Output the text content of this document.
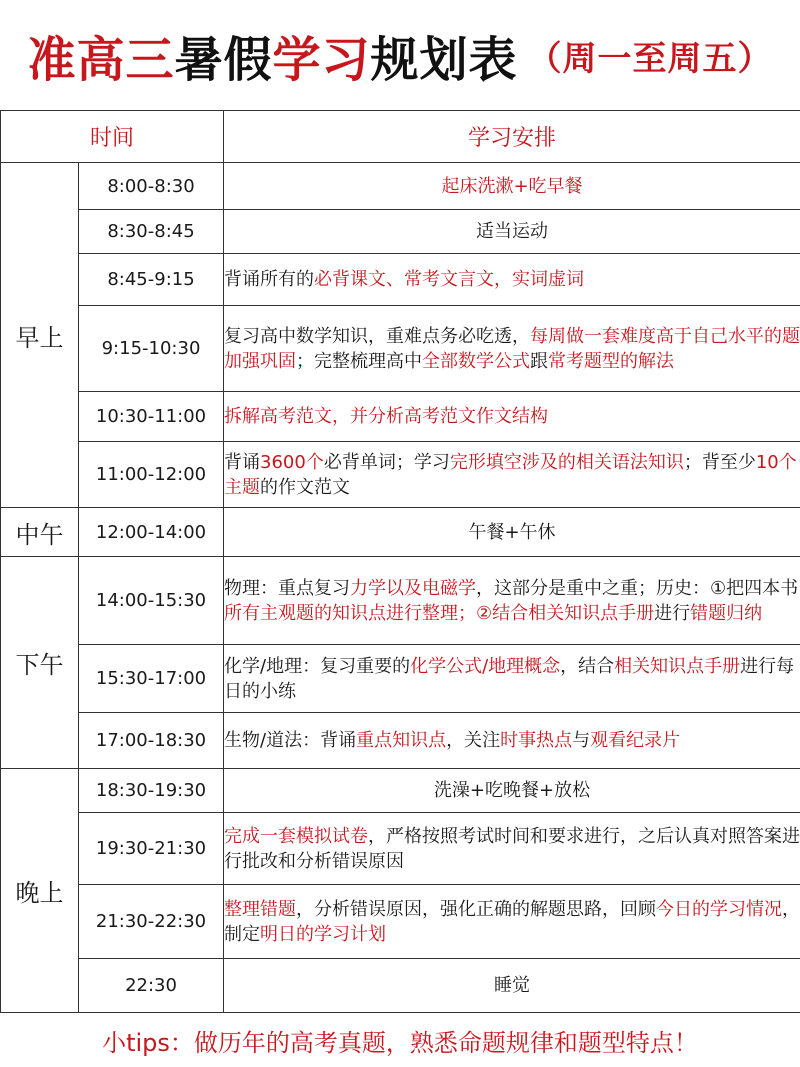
准高三 暑假 学习 规划表 （周一至周五）
时间		学习安排
早上	8:00-8:30	起床洗漱+吃早餐
	8:30-8:45	适当运动
	8:45-9:15	背诵所有的必背课文、常考文言文，实词虚词
	9:15-10:30	复习高中数学知识，重难点务必吃透，每周做一套难度高于自己水平的题加强巩固；完整梳理高中全部数学公式跟常考题型的解法
	10:30-11:00	拆解高考范文，并分析高考范文作文结构
	11:00-12:00	背诵3600个必背单词；学习完形填空涉及的相关语法知识；背至少10个主题的作文范文
中午	12:00-14:00	午餐+午休
下午	14:00-15:30	物理：重点复习力学以及电磁学，这部分是重中之重；历史：①把四本书所有主观题的知识点进行整理；②结合相关知识点手册进行错题归纳
	15:30-17:00	化学/地理：复习重要的化学公式/地理概念，结合相关知识点手册进行每日的小练
	17:00-18:30	生物/道法：背诵重点知识点，关注时事热点与观看纪录片
晚上	18:30-19:30	洗澡+吃晚餐+放松
	19:30-21:30	完成一套模拟试卷，严格按照考试时间和要求进行，之后认真对照答案进行批改和分析错误原因
	21:30-22:30	整理错题，分析错误原因，强化正确的解题思路，回顾今日的学习情况，制定明日的学习计划
	22:30	睡觉
小tips：做历年的高考真题，熟悉命题规律和题型特点！
